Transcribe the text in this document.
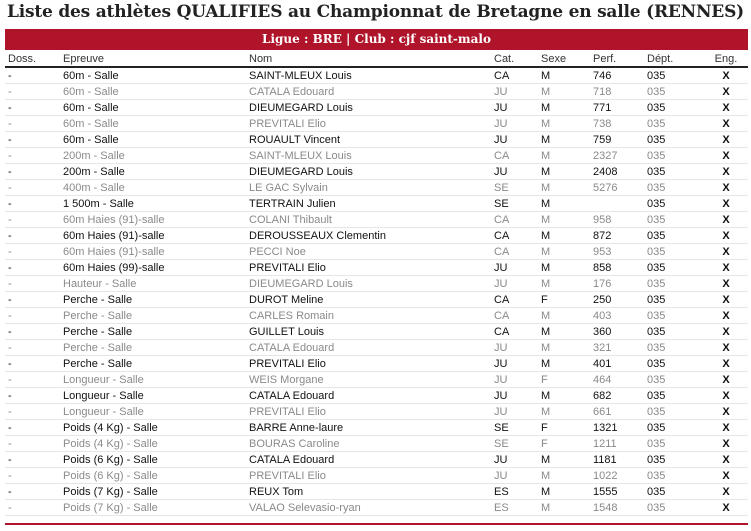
Liste des athlètes QUALIFIES au Championnat de Bretagne en salle (RENNES)
Ligue : BRE | Club : cjf saint-malo
Doss.	Epreuve	Nom	Cat.	Sexe	Perf.	Dépt.	Eng.
-	60m - Salle	SAINT-MLEUX Louis	CA	M	746	035	X
-	60m - Salle	CATALA Edouard	JU	M	718	035	X
-	60m - Salle	DIEUMEGARD Louis	JU	M	771	035	X
-	60m - Salle	PREVITALI Elio	JU	M	738	035	X
-	60m - Salle	ROUAULT Vincent	JU	M	759	035	X
-	200m - Salle	SAINT-MLEUX Louis	CA	M	2327	035	X
-	200m - Salle	DIEUMEGARD Louis	JU	M	2408	035	X
-	400m - Salle	LE GAC Sylvain	SE	M	5276	035	X
-	1 500m - Salle	TERTRAIN Julien	SE	M		035	X
-	60m Haies (91)-salle	COLANI Thibault	CA	M	958	035	X
-	60m Haies (91)-salle	DEROUSSEAUX Clementin	CA	M	872	035	X
-	60m Haies (91)-salle	PECCI Noe	CA	M	953	035	X
-	60m Haies (99)-salle	PREVITALI Elio	JU	M	858	035	X
-	Hauteur - Salle	DIEUMEGARD Louis	JU	M	176	035	X
-	Perche - Salle	DUROT Meline	CA	F	250	035	X
-	Perche - Salle	CARLES Romain	CA	M	403	035	X
-	Perche - Salle	GUILLET Louis	CA	M	360	035	X
-	Perche - Salle	CATALA Edouard	JU	M	321	035	X
-	Perche - Salle	PREVITALI Elio	JU	M	401	035	X
-	Longueur - Salle	WEIS Morgane	JU	F	464	035	X
-	Longueur - Salle	CATALA Edouard	JU	M	682	035	X
-	Longueur - Salle	PREVITALI Elio	JU	M	661	035	X
-	Poids (4 Kg) - Salle	BARRE Anne-laure	SE	F	1321	035	X
-	Poids (4 Kg) - Salle	BOURAS Caroline	SE	F	1211	035	X
-	Poids (6 Kg) - Salle	CATALA Edouard	JU	M	1181	035	X
-	Poids (6 Kg) - Salle	PREVITALI Elio	JU	M	1022	035	X
-	Poids (7 Kg) - Salle	REUX Tom	ES	M	1555	035	X
-	Poids (7 Kg) - Salle	VALAO Selevasio-ryan	ES	M	1548	035	X
